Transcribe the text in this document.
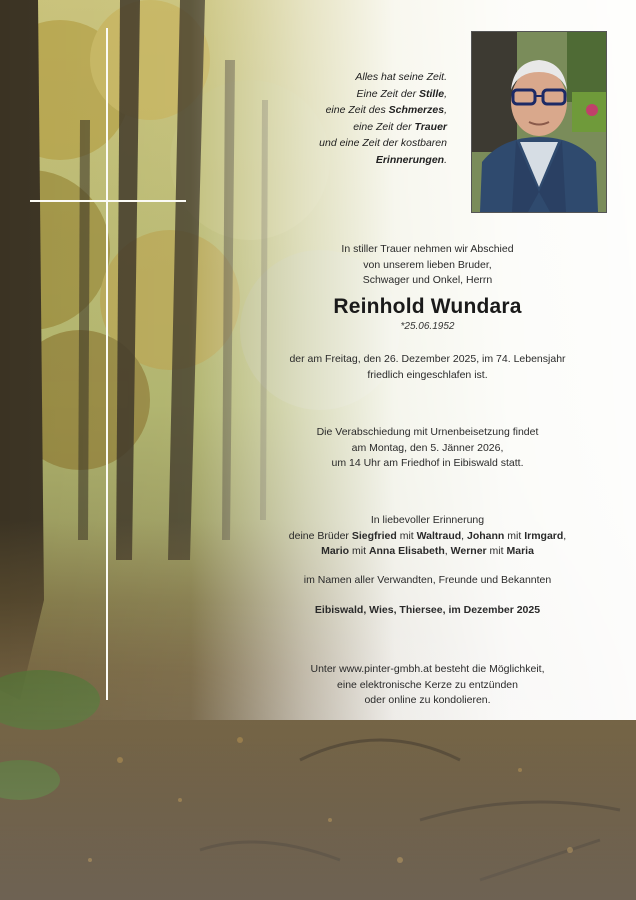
Alles hat seine Zeit.
Eine Zeit der Stille,
eine Zeit des Schmerzes,
eine Zeit der Trauer
und eine Zeit der kostbaren
Erinnerungen.
In stiller Trauer nehmen wir Abschied
von unserem lieben Bruder,
Schwager und Onkel, Herrn
Reinhold Wundara
*25.06.1952
der am Freitag, den 26. Dezember 2025, im 74. Lebensjahr
friedlich eingeschlafen ist.
Die Verabschiedung mit Urnenbeisetzung findet
am Montag, den 5. Jänner 2026,
um 14 Uhr am Friedhof in Eibiswald statt.
In liebevoller Erinnerung
deine Brüder Siegfried mit Waltraud, Johann mit Irmgard,
Mario mit Anna Elisabeth, Werner mit Maria
im Namen aller Verwandten, Freunde und Bekannten
Eibiswald, Wies, Thiersee, im Dezember 2025
Unter www.pinter-gmbh.at besteht die Möglichkeit,
eine elektronische Kerze zu entzünden
oder online zu kondolieren.
